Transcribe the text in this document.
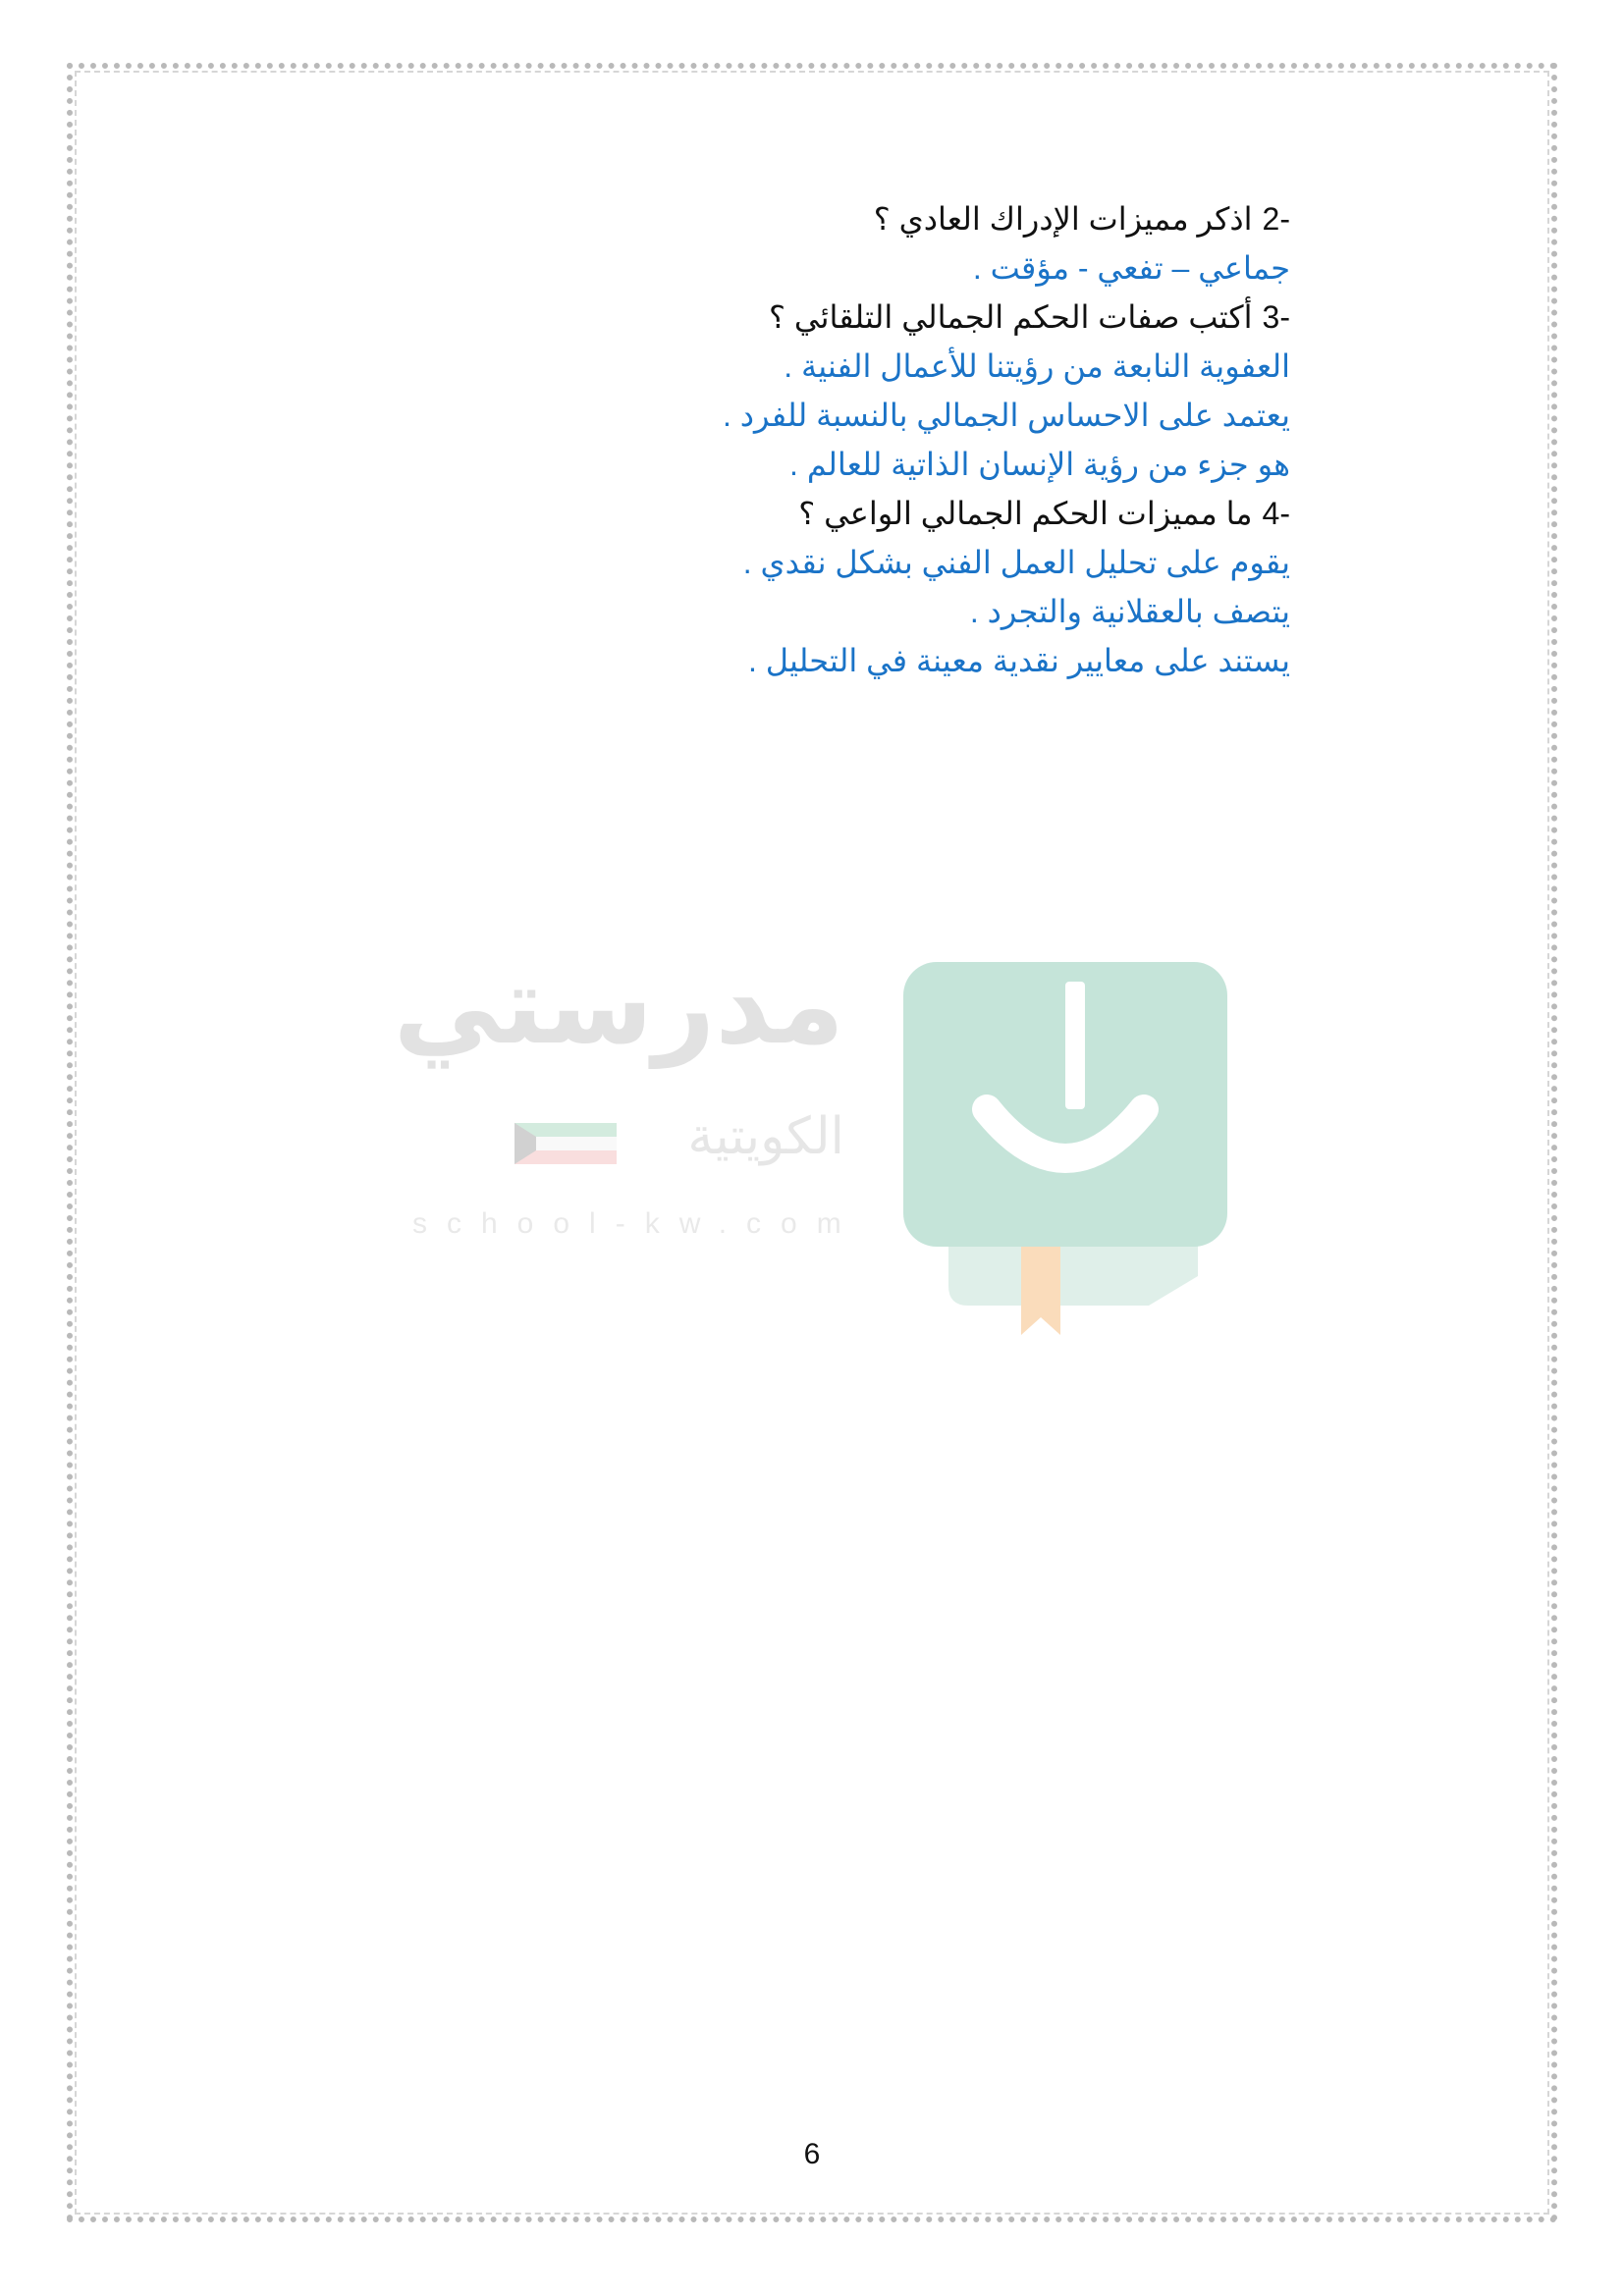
2-اذكر مميزات الإدراك العادي ؟
جماعي – تفعي - مؤقت .
3-أكتب صفات الحكم الجمالي التلقائي ؟
العفوية النابعة من رؤيتنا للأعمال الفنية .
يعتمد على الاحساس الجمالي بالنسبة للفرد .
هو جزء من رؤية الإنسان الذاتية للعالم .
4-ما مميزات الحكم الجمالي الواعي ؟
يقوم على تحليل العمل الفني بشكل نقدي .
يتصف بالعقلانية والتجرد .
يستند على معايير نقدية معينة في التحليل .
مدرستي
الكويتية
school-kw.com
6
